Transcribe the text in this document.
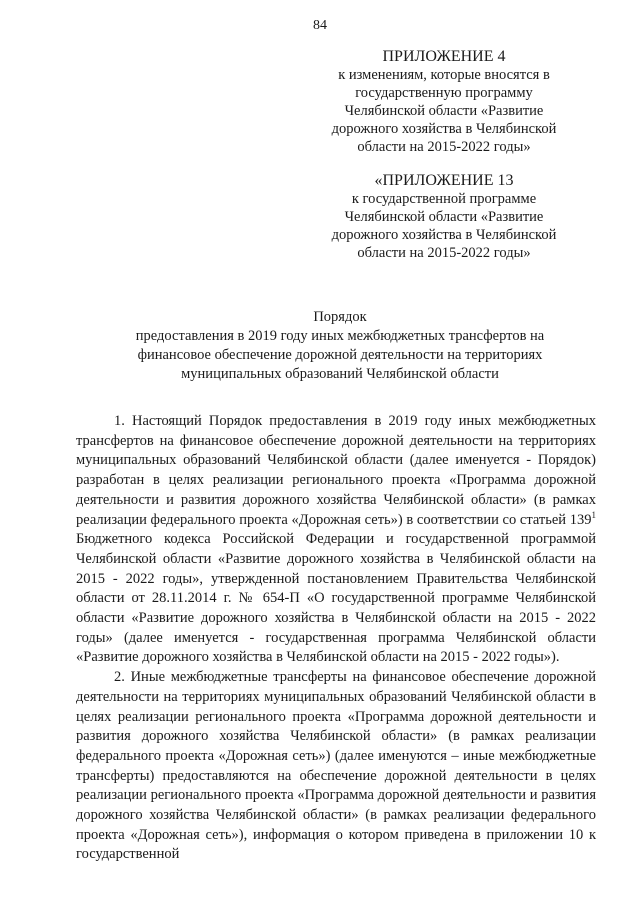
84
ПРИЛОЖЕНИЕ 4
к изменениям, которые вносятся в
государственную программу
Челябинской области «Развитие
дорожного хозяйства в Челябинской
области на 2015-2022 годы»
«ПРИЛОЖЕНИЕ 13
к государственной программе
Челябинской области «Развитие
дорожного хозяйства в Челябинской
области на 2015-2022 годы»
Порядок
предоставления в 2019 году иных межбюджетных трансфертов на
финансовое обеспечение дорожной деятельности на территориях
муниципальных образований Челябинской области

1. Настоящий Порядок предоставления в 2019 году иных межбюджетных трансфертов на финансовое обеспечение дорожной деятельности на территориях муниципальных образований Челябинской области (далее именуется - Порядок) разработан в целях реализации регионального проекта «Программа дорожной деятельности и развития дорожного хозяйства Челябинской области» (в рамках реализации федерального проекта «Дорожная сеть») в соответствии со статьей $139^1$ Бюджетного кодекса Российской Федерации и государственной программой Челябинской области «Развитие дорожного хозяйства в Челябинской области на 2015 - 2022 годы», утвержденной постановлением Правительства Челябинской области от 28.11.2014 г. № 654-П «О государственной программе Челябинской области «Развитие дорожного хозяйства в Челябинской области на 2015 - 2022 годы» (далее именуется - государственная программа Челябинской области «Развитие дорожного хозяйства в Челябинской области на 2015 - 2022 годы»).

2. Иные межбюджетные трансферты на финансовое обеспечение дорожной деятельности на территориях муниципальных образований Челябинской области в целях реализации регионального проекта «Программа дорожной деятельности и развития дорожного хозяйства Челябинской области» (в рамках реализации федерального проекта «Дорожная сеть») (далее именуются – иные межбюджетные трансферты) предоставляются на обеспечение дорожной деятельности в целях реализации регионального проекта «Программа дорожной деятельности и развития дорожного хозяйства Челябинской области» (в рамках реализации федерального проекта «Дорожная сеть»), информация о котором приведена в приложении 10 к государственной
